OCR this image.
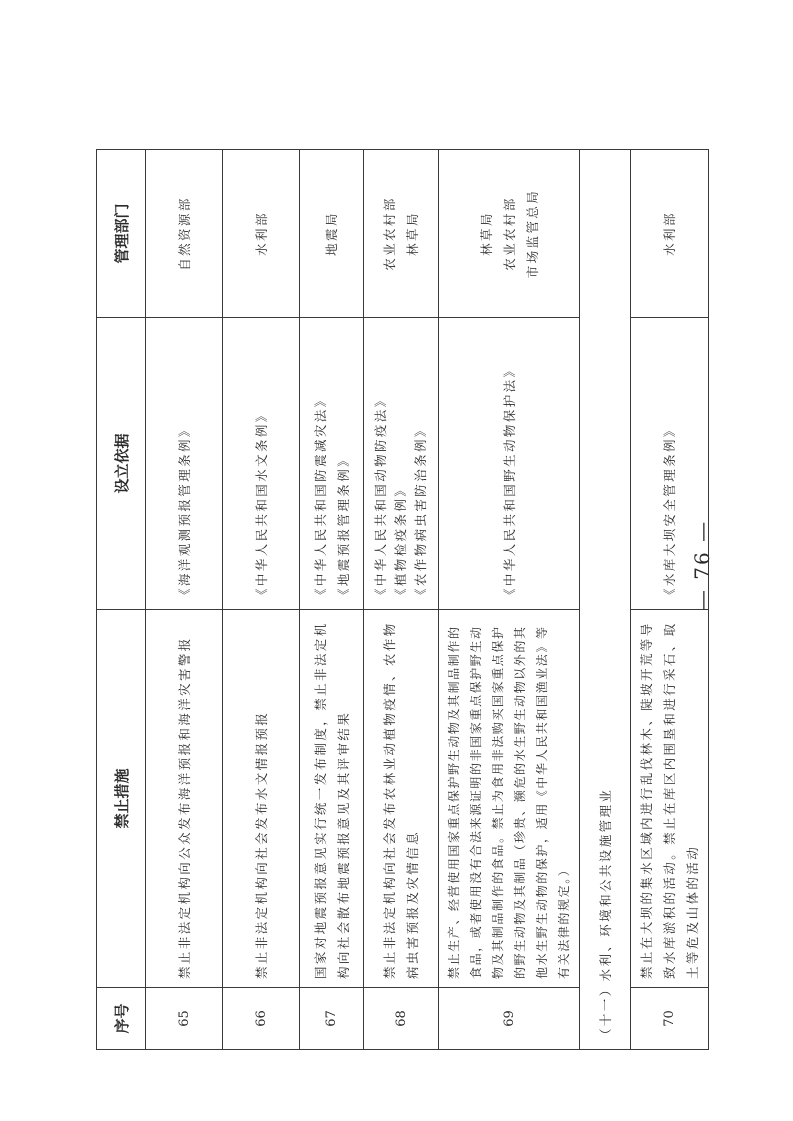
序号	禁止措施	设立依据	管理部门
65	禁止非法定机构向公众发布海洋预报和海洋灾害警报	《海洋观测预报管理条例》	自然资源部

66	禁止非法定机构向社会发布水文情报预报	《中华人民共和国水文条例》	水利部

67	国家对地震预报意见实行统一发布制度，禁止非法定机构向社会散布地震预报意见及其评审结果	《中华人民共和国防震减灾法》 《地震预报管理条例》	地震局

68	禁止非法定机构向社会发布农林业动植物疫情、农作物病虫害预报及灾情信息	《中华人民共和国动物防疫法》 《植物检疫条例》 《农作物病虫害防治条例》	农业农村部 林草局

69	禁止生产、经营使用国家重点保护野生动物及其制品制作的食品，或者使用没有合法来源证明的非国家重点保护野生动物及其制品制作的食品。禁止为食用非法购买国家重点保护的野生动物及其制品（珍贵、濒危的水生野生动物以外的其他水生野生动物的保护，适用《中华人民共和国渔业法》等有关法律的规定。）	《中华人民共和国野生动物保护法》	林草局 农业农村部 市场监管总局

（十一）水利、环境和公共设施管理业			
70	禁止在大坝的集水区域内进行乱伐林木、陡坡开荒等导致水库淤积的活动。禁止在库区内围垦和进行采石、取土等危及山体的活动	《水库大坝安全管理条例》	水利部
— 76 —
